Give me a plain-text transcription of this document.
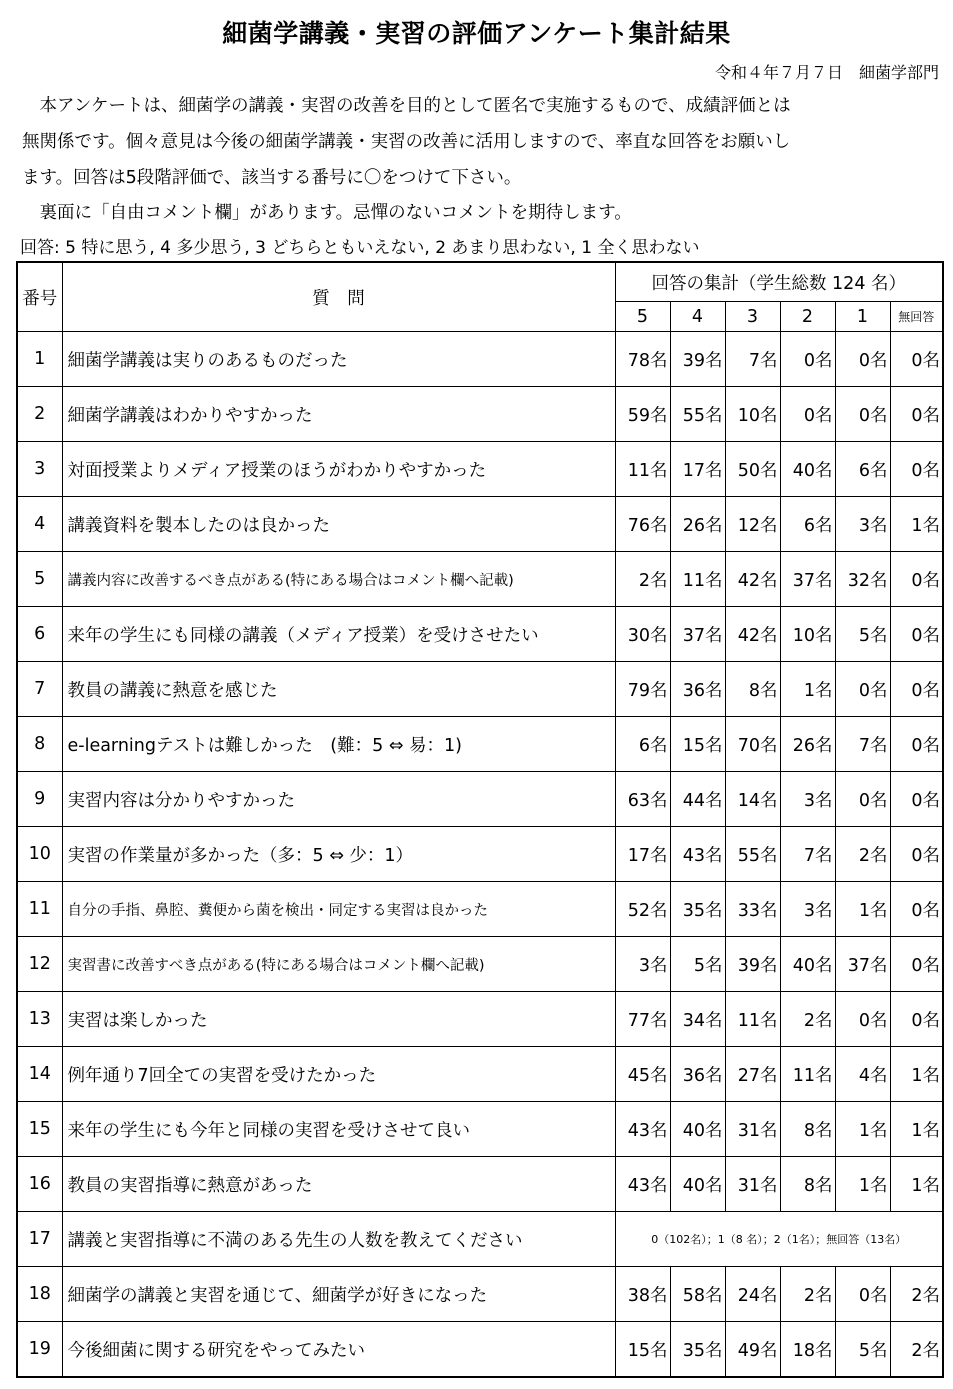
細菌学講義・実習の評価アンケート集計結果
令和４年７月７日　細菌学部門
　本アンケートは、細菌学の講義・実習の改善を目的として匿名で実施するもので、成績評価とは
無関係です。個々意見は今後の細菌学講義・実習の改善に活用しますので、率直な回答をお願いし
ます。回答は5段階評価で、該当する番号に〇をつけて下さい。
　裏面に「自由コメント欄」があります。忌憚のないコメントを期待します。
回答: 5 特に思う, 4 多少思う, 3 どちらともいえない, 2 あまり思わない, 1 全く思わない
番号	質　問	回答の集計（学生総数 124 名）					
		5	4	3	2	1	無回答
1	細菌学講義は実りのあるものだった	78名	39名	7名	0名	0名	0名
2	細菌学講義はわかりやすかった	59名	55名	10名	0名	0名	0名
3	対面授業よりメディア授業のほうがわかりやすかった	11名	17名	50名	40名	6名	0名
4	講義資料を製本したのは良かった	76名	26名	12名	6名	3名	1名
5	講義内容に改善するべき点がある(特にある場合はコメント欄へ記載)	2名	11名	42名	37名	32名	0名
6	来年の学生にも同様の講義（メディア授業）を受けさせたい	30名	37名	42名	10名	5名	0名
7	教員の講義に熱意を感じた	79名	36名	8名	1名	0名	0名
8	e-learningテストは難しかった　(難：5 ⇔ 易：1)	6名	15名	70名	26名	7名	0名
9	実習内容は分かりやすかった	63名	44名	14名	3名	0名	0名
10	実習の作業量が多かった（多：5 ⇔ 少：1）	17名	43名	55名	7名	2名	0名
11	自分の手指、鼻腔、糞便から菌を検出・同定する実習は良かった	52名	35名	33名	3名	1名	0名
12	実習書に改善すべき点がある(特にある場合はコメント欄へ記載)	3名	5名	39名	40名	37名	0名
13	実習は楽しかった	77名	34名	11名	2名	0名	0名
14	例年通り7回全ての実習を受けたかった	45名	36名	27名	11名	4名	1名
15	来年の学生にも今年と同様の実習を受けさせて良い	43名	40名	31名	8名	1名	1名
16	教員の実習指導に熱意があった	43名	40名	31名	8名	1名	1名
17	講義と実習指導に不満のある先生の人数を教えてください	0（102名）；1（8 名）；2（1名）；無回答（13名）					
18	細菌学の講義と実習を通じて、細菌学が好きになった	38名	58名	24名	2名	0名	2名
19	今後細菌に関する研究をやってみたい	15名	35名	49名	18名	5名	2名
